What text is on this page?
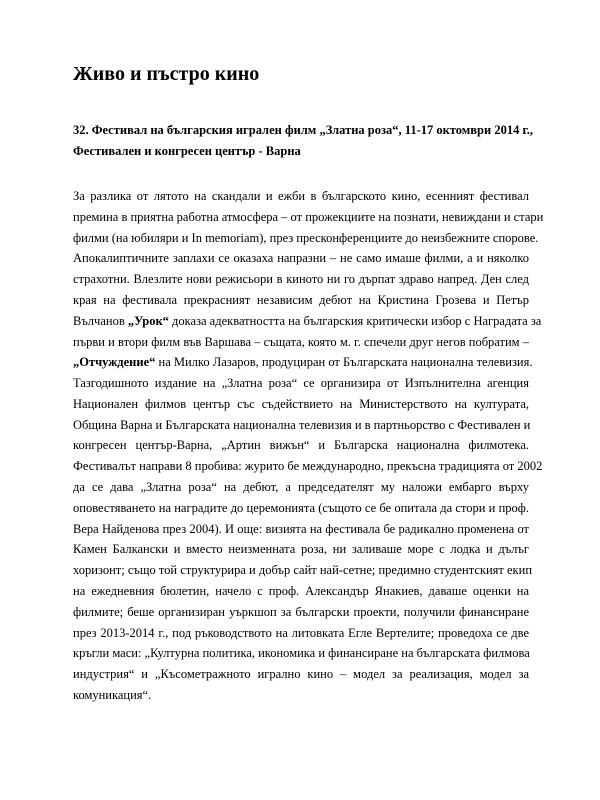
Живо и пъстро кино
32. Фестивал на българския игрален филм „Златна роза“, 11-17 октомври 2014 г.,
Фестивален и конгресен център - Варна
За разлика от лятото на скандали и ежби в българското кино, есенният фестивал
премина в приятна работна атмосфера – от прожекциите на познати, невиждани и стари
филми (на юбиляри и In memoriam), през пресконференциите до неизбежните спорове.
Апокалиптичните заплахи се оказаха напразни – не само имаше филми, а и няколко
страхотни. Влезлите нови режисьори в киното ни го дърпат здраво напред. Ден след
края на фестивала прекрасният независим дебют на Кристина Грозева и Петър
Вълчанов „Урок“ доказа адекватността на българския критически избор с Наградата за
първи и втори филм във Варшава – същата, която м. г. спечели друг негов побратим –
„Отчуждение“ на Милко Лазаров, продуциран от Българската национална телевизия.
Тазгодишното издание на „Златна роза“ се организира от Изпълнителна агенция
Национален филмов център със съдействието на Министерството на културата,
Община Варна и Българската национална телевизия и в партньорство с Фестивален и
конгресен център-Варна, „Артин вижън“ и Българска национална филмотека.
Фестивалът направи 8 пробива: журито бе международно, прекъсна традицията от 2002
да се дава „Златна роза“ на дебют, а председателят му наложи ембарго върху
оповестяването на наградите до церемонията (същото се бе опитала да стори и проф.
Вера Найденова през 2004). И още: визията на фестивала бе радикално променена от
Камен Балкански и вместо неизменната роза, ни заливаше море с лодка и дълъг
хоризонт; също той структурира и добър сайт най-сетне; предимно студентският екип
на ежедневния бюлетин, начело с проф. Александър Янакиев, даваше оценки на
филмите; беше организиран уъркшоп за български проекти, получили финансиране
през 2013-2014 г., под ръководството на литовката Егле Вертелите; проведоха се две
кръгли маси: „Културна политика, икономика и финансиране на българската филмова
индустрия“ и „Късометражното игрално кино – модел за реализация, модел за
комуникация“.
